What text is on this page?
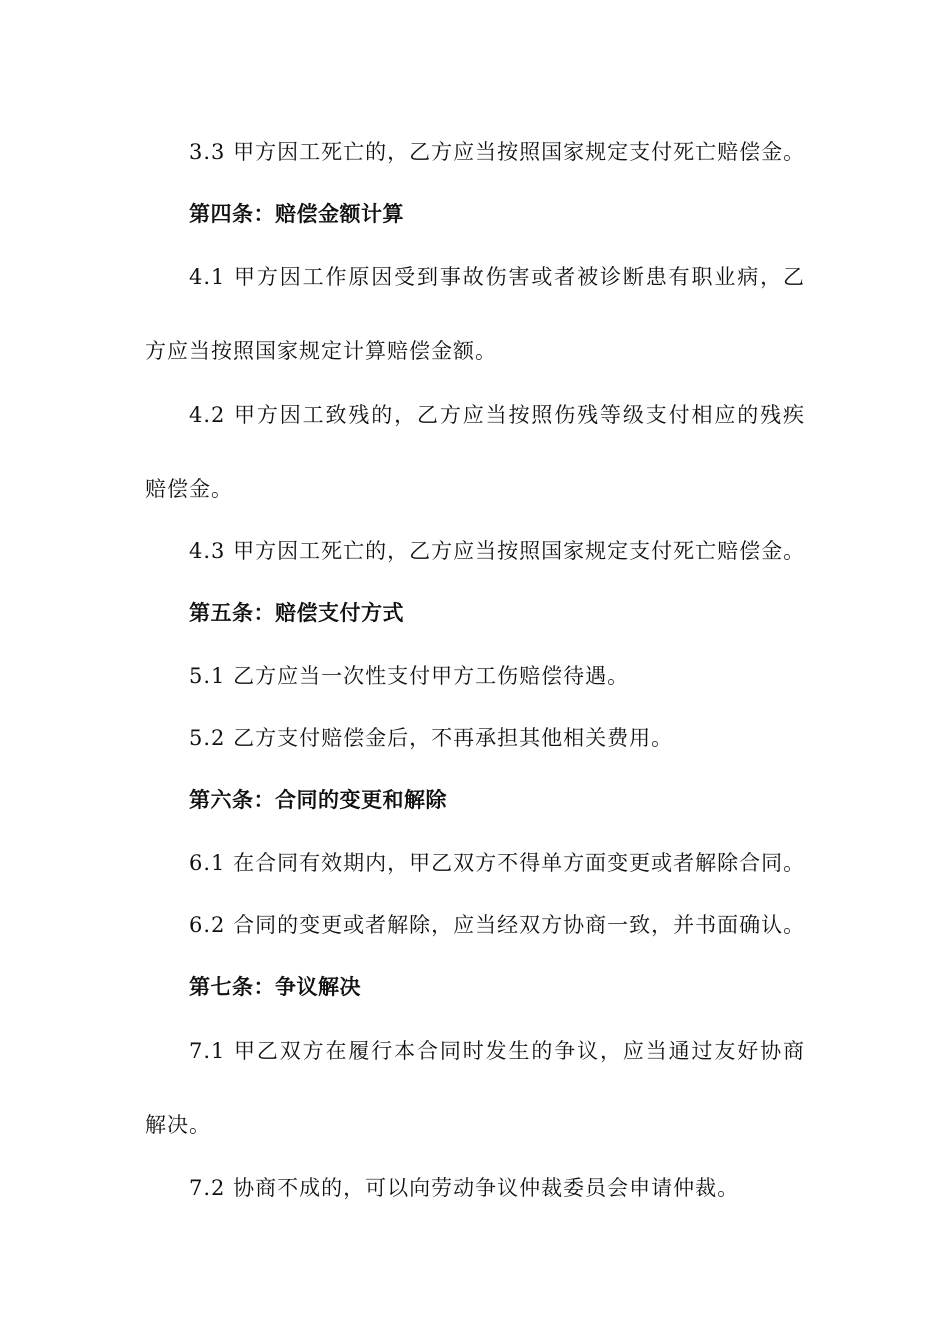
3.3 甲方因工死亡的，乙方应当按照国家规定支付死亡赔偿金。
第四条：赔偿金额计算
4.1 甲方因工作原因受到事故伤害或者被诊断患有职业病，乙
方应当按照国家规定计算赔偿金额。
4.2 甲方因工致残的，乙方应当按照伤残等级支付相应的残疾
赔偿金。
4.3 甲方因工死亡的，乙方应当按照国家规定支付死亡赔偿金。
第五条：赔偿支付方式
5.1 乙方应当一次性支付甲方工伤赔偿待遇。
5.2 乙方支付赔偿金后，不再承担其他相关费用。
第六条：合同的变更和解除
6.1 在合同有效期内，甲乙双方不得单方面变更或者解除合同。
6.2 合同的变更或者解除，应当经双方协商一致，并书面确认。
第七条：争议解决
7.1 甲乙双方在履行本合同时发生的争议，应当通过友好协商
解决。
7.2 协商不成的，可以向劳动争议仲裁委员会申请仲裁。
